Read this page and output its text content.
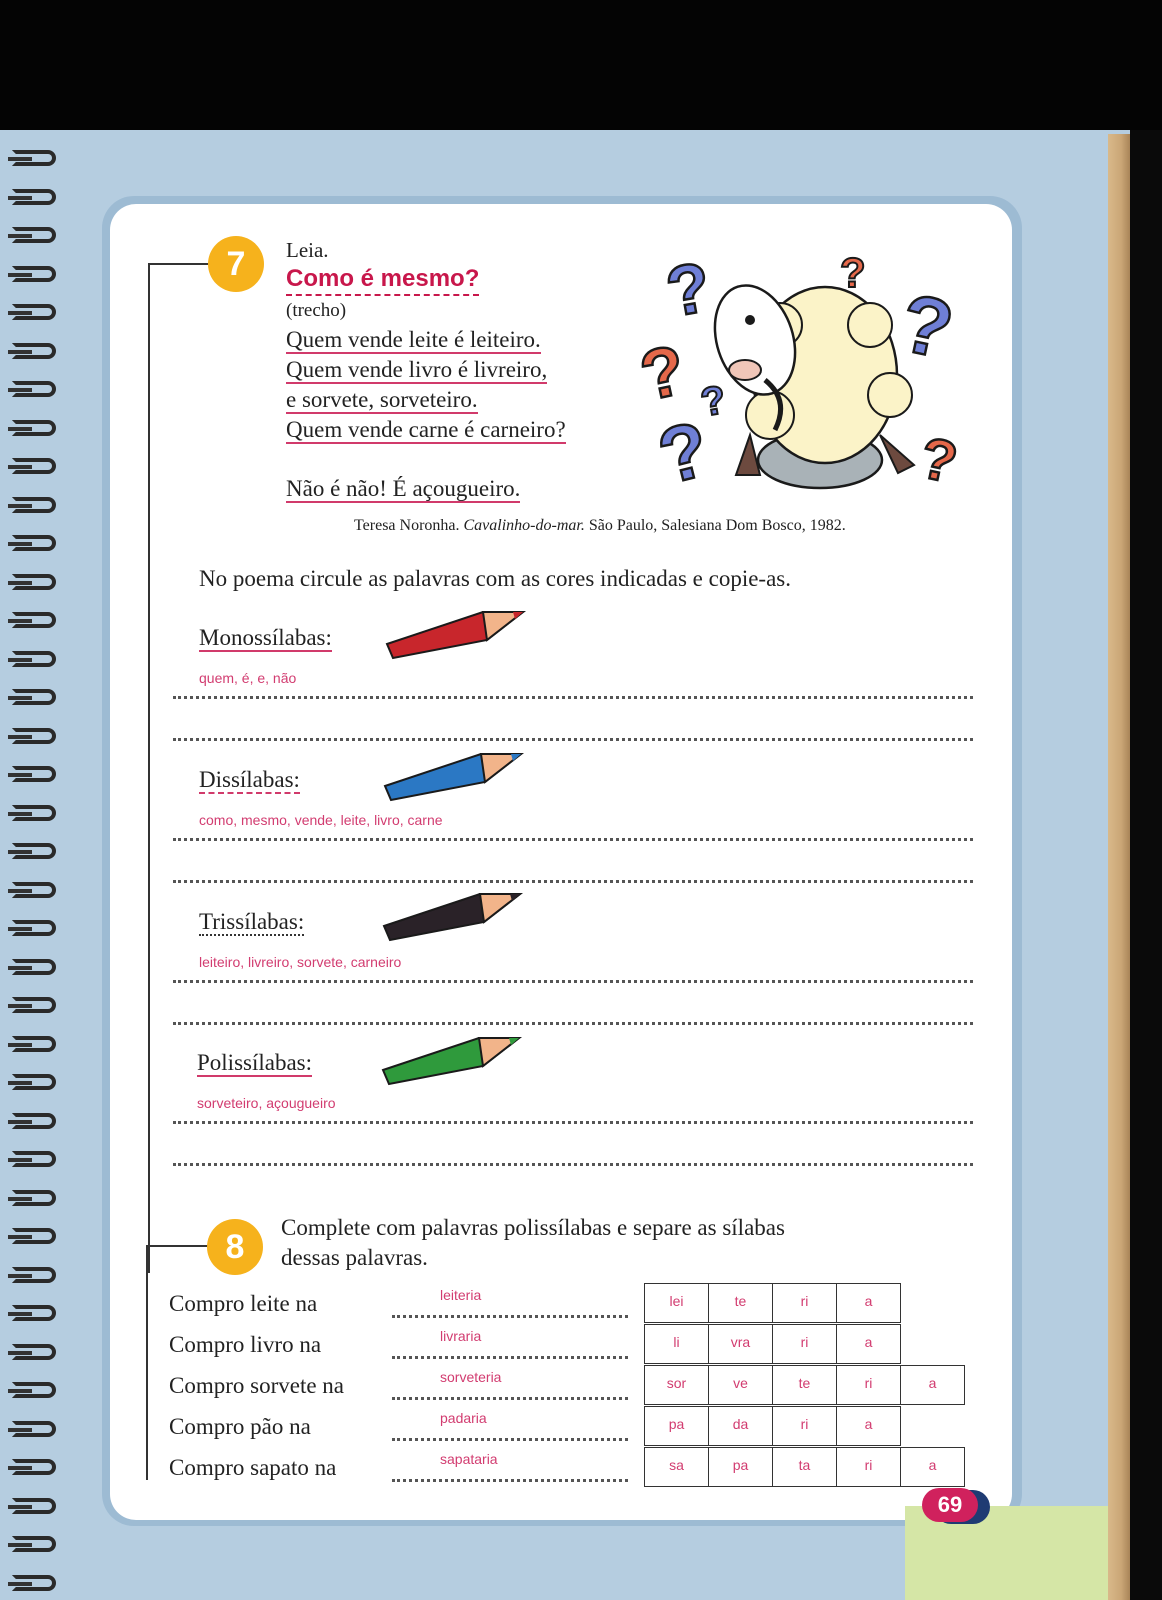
69
7	Leia.
Como é mesmo?
(trecho)
Quem vende leite é leiteiro.
Quem vende livro é livreiro,
e sorvete, sorveteiro.
Quem vende carne é carneiro?
Não é não! É açougueiro.
Teresa Noronha. Cavalinho-do-mar. São Paulo, Salesiana Dom Bosco, 1982.
?
?
?
?
?
?
?
No poema circule as palavras com as cores indicadas e copie-as.
Monossílabas:
quem, é, e, não
Dissílabas:
como, mesmo, vende, leite, livro, carne
Trissílabas:
leiteiro, livreiro, sorvete, carneiro
Polissílabas:
sorveteiro, açougueiro
8
Complete com palavras polissílabas e separe as sílabas
dessas palavras.
Compro leite na	leiteria	lei	te	ri	a
Compro livro na	livraria	li	vra	ri	a
Compro sorvete na	sorveteria	sor	ve	te	ri	a
Compro pão na	padaria	pa	da	ri	a
Compro sapato na	sapataria	sa	pa	ta	ri	a
